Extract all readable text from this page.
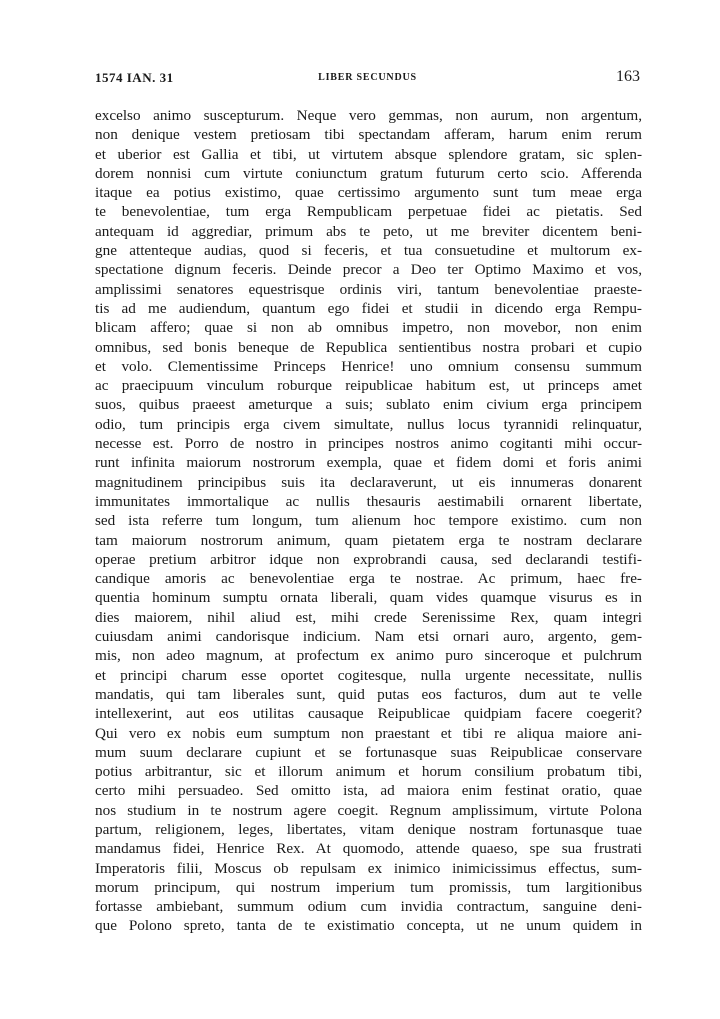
1574 IAN. 31	LIBER SECUNDUS	163
excelso animo suscepturum. Neque vero gemmas, non aurum, non argentum,
non denique vestem pretiosam tibi spectandam afferam, harum enim rerum
et uberior est Gallia et tibi, ut virtutem absque splendore gratam, sic splen-
dorem nonnisi cum virtute coniunctum gratum futurum certo scio. Afferenda
itaque ea potius existimo, quae certissimo argumento sunt tum meae erga
te benevolentiae, tum erga Rempublicam perpetuae fidei ac pietatis. Sed
antequam id aggrediar, primum abs te peto, ut me breviter dicentem beni-
gne attenteque audias, quod si feceris, et tua consuetudine et multorum ex-
spectatione dignum feceris. Deinde precor a Deo ter Optimo Maximo et vos,
amplissimi senatores equestrisque ordinis viri, tantum benevolentiae praeste-
tis ad me audiendum, quantum ego fidei et studii in dicendo erga Rempu-
blicam affero; quae si non ab omnibus impetro, non movebor, non enim
omnibus, sed bonis beneque de Republica sentientibus nostra probari et cupio
et volo. Clementissime Princeps Henrice! uno omnium consensu summum
ac praecipuum vinculum roburque reipublicae habitum est, ut princeps amet
suos, quibus praeest ameturque a suis; sublato enim civium erga principem
odio, tum principis erga civem simultate, nullus locus tyrannidi relinquatur,
necesse est. Porro de nostro in principes nostros animo cogitanti mihi occur-
runt infinita maiorum nostrorum exempla, quae et fidem domi et foris animi
magnitudinem principibus suis ita declaraverunt, ut eis innumeras donarent
immunitates immortalique ac nullis thesauris aestimabili ornarent libertate,
sed ista referre tum longum, tum alienum hoc tempore existimo. cum non
tam maiorum nostrorum animum, quam pietatem erga te nostram declarare
operae pretium arbitror idque non exprobrandi causa, sed declarandi testifi-
candique amoris ac benevolentiae erga te nostrae. Ac primum, haec fre-
quentia hominum sumptu ornata liberali, quam vides quamque visurus es in
dies maiorem, nihil aliud est, mihi crede Serenissime Rex, quam integri
cuiusdam animi candorisque indicium. Nam etsi ornari auro, argento, gem-
mis, non adeo magnum, at profectum ex animo puro sinceroque et pulchrum
et principi charum esse oportet cogitesque, nulla urgente necessitate, nullis
mandatis, qui tam liberales sunt, quid putas eos facturos, dum aut te velle
intellexerint, aut eos utilitas causaque Reipublicae quidpiam facere coegerit?
Qui vero ex nobis eum sumptum non praestant et tibi re aliqua maiore ani-
mum suum declarare cupiunt et se fortunasque suas Reipublicae conservare
potius arbitrantur, sic et illorum animum et horum consilium probatum tibi,
certo mihi persuadeo. Sed omitto ista, ad maiora enim festinat oratio, quae
nos studium in te nostrum agere coegit. Regnum amplissimum, virtute Polona
partum, religionem, leges, libertates, vitam denique nostram fortunasque tuae
mandamus fidei, Henrice Rex. At quomodo, attende quaeso, spe sua frustrati
Imperatoris filii, Moscus ob repulsam ex inimico inimicissimus effectus, sum-
morum principum, qui nostrum imperium tum promissis, tum largitionibus
fortasse ambiebant, summum odium cum invidia contractum, sanguine deni-
que Polono spreto, tanta de te existimatio concepta, ut ne unum quidem in
